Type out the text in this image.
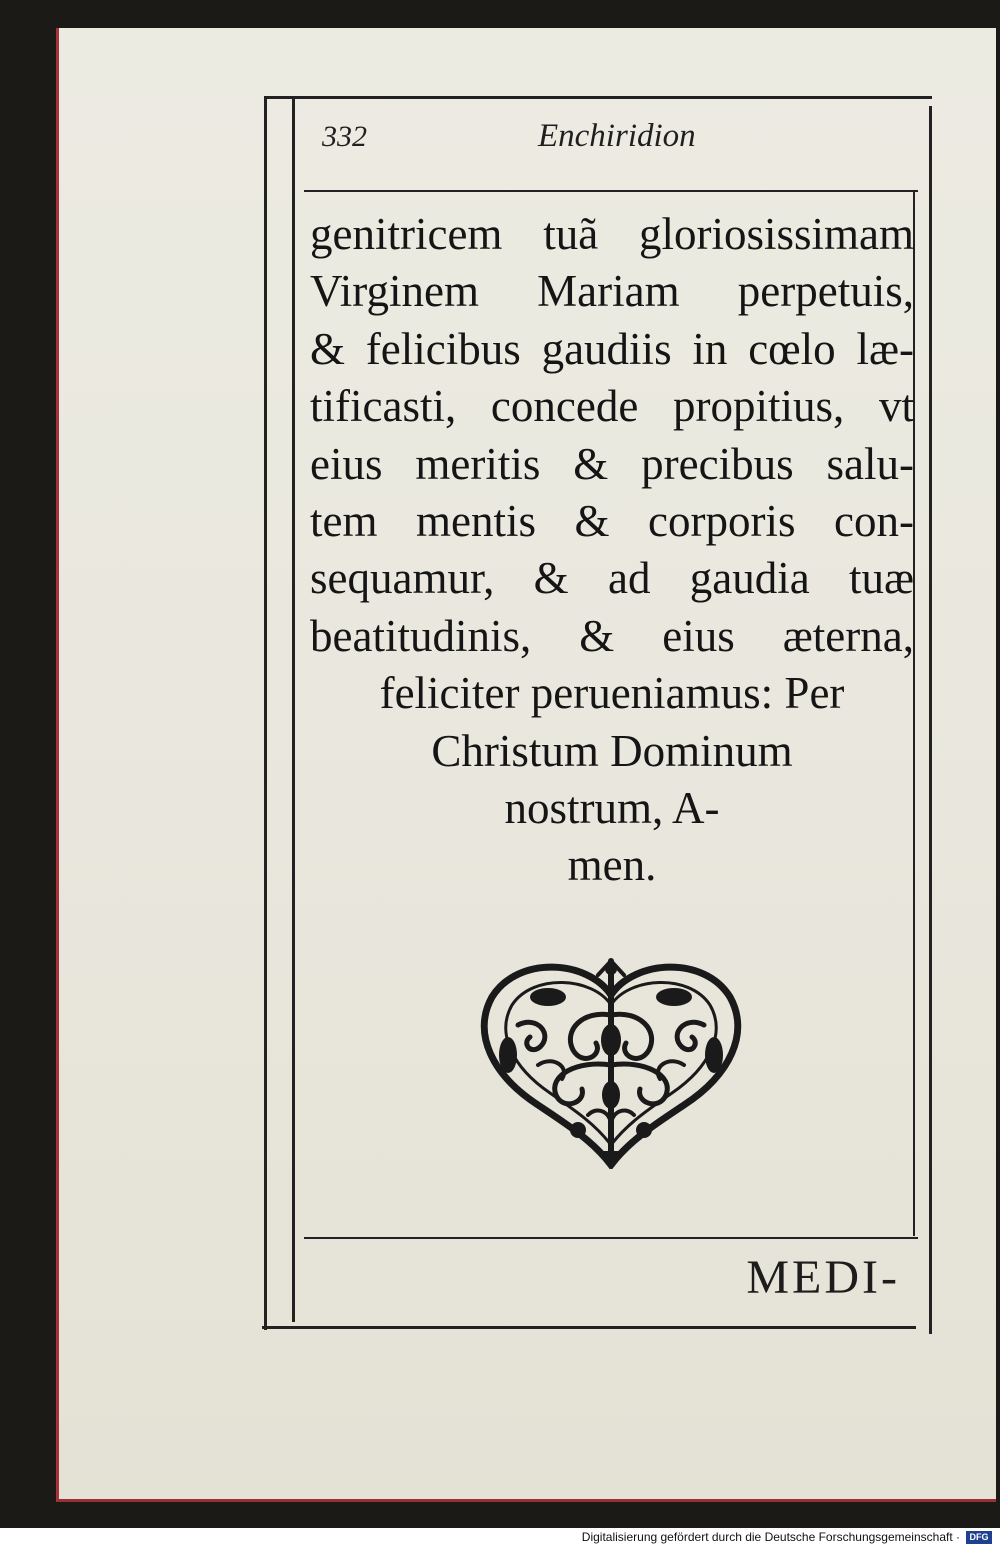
332	Enchiridion
genitricem tuã gloriosissimam
Virginem Mariam perpetuis,
& felicibus gaudiis in cœlo læ-
tificasti, concede propitius, vt
eius meritis & precibus salu-
tem mentis & corporis con-
sequamur, & ad gaudia tuæ
beatitudinis, & eius æterna,
feliciter perueniamus: Per
Christum Dominum
nostrum, A-
men.
MEDI-
Digitalisierung gefördert durch die Deutsche Forschungsgemeinschaft ·	DFG
